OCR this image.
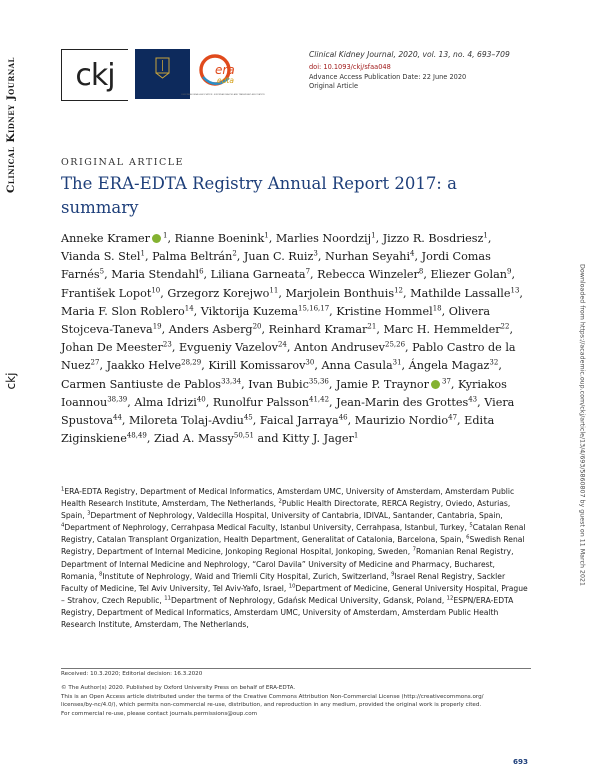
Clinical Kidney Journal
ckj	Downloaded from https://academic.oup.com/ckj/article/13/4/693/5860807 by guest on 11 March 2021
ckj	OXFORD
era
edta
EUROPEAN RENAL ASSOCIATION · EUROPEAN DIALYSIS AND TRANSPLANT ASSOCIATION
Clinical Kidney Journal, 2020, vol. 13, no. 4, 693–709
doi: 10.1093/ckj/sfaa048
Advance Access Publication Date: 22 June 2020
Original Article
ORIGINAL ARTICLE
The ERA-EDTA Registry Annual Report 2017: a
summary
Anneke Kramer $^1$, Rianne Boenink$^1$, Marlies Noordzij$^1$, Jizzo R. Bosdriesz$^1$, Vianda S. Stel$^1$, Palma Beltrán$^2$, Juan C. Ruiz$^3$, Nurhan Seyahi$^4$, Jordi Comas Farnés$^5$, Maria Stendahl$^6$, Liliana Garneata$^7$, Rebecca Winzeler$^8$, Eliezer Golan$^9$, František Lopot$^{10}$, Grzegorz Korejwo$^{11}$, Marjolein Bonthuis$^{12}$, Mathilde Lassalle$^{13}$, Maria F. Slon Roblero$^{14}$, Viktorija Kuzema$^{15,16,17}$, Kristine Hommel$^{18}$, Olivera Stojceva-Taneva$^{19}$, Anders Asberg$^{20}$, Reinhard Kramar$^{21}$, Marc H. Hemmelder$^{22}$, Johan De Meester$^{23}$, Evgueniy Vazelov$^{24}$, Anton Andrusev$^{25,26}$, Pablo Castro de la Nuez$^{27}$, Jaakko Helve$^{28,29}$, Kirill Komissarov$^{30}$, Anna Casula$^{31}$, Ángela Magaz$^{32}$, Carmen Santiuste de Pablos$^{33,34}$, Ivan Bubic$^{35,36}$, Jamie P. Traynor $^{37}$, Kyriakos Ioannou$^{38,39}$, Alma Idrizi$^{40}$, Runolfur Palsson$^{41,42}$, Jean-Marin des Grottes$^{43}$, Viera Spustova$^{44}$, Miloreta Tolaj-Avdiu$^{45}$, Faical Jarraya$^{46}$, Maurizio Nordio$^{47}$, Edita Ziginskiene$^{48,49}$, Ziad A. Massy$^{50,51}$ and Kitty J. Jager$^1$
$^1$ERA-EDTA Registry, Department of Medical Informatics, Amsterdam UMC, University of Amsterdam, Amsterdam Public Health Research Institute, Amsterdam, The Netherlands, $^2$Public Health Directorate, RERCA Registry, Oviedo, Asturias, Spain, $^3$Department of Nephrology, Valdecilla Hospital, University of Cantabria, IDIVAL, Santander, Cantabria, Spain, $^4$Department of Nephrology, Cerrahpasa Medical Faculty, Istanbul University, Cerrahpasa, Istanbul, Turkey, $^5$Catalan Renal Registry, Catalan Transplant Organization, Health Department, Generalitat of Catalonia, Barcelona, Spain, $^6$Swedish Renal Registry, Department of Internal Medicine, Jonkoping Regional Hospital, Jonkoping, Sweden, $^7$Romanian Renal Registry, Department of Internal Medicine and Nephrology, “Carol Davila” University of Medicine and Pharmacy, Bucharest, Romania, $^8$Institute of Nephrology, Waid and Triemli City Hospital, Zurich, Switzerland, $^9$Israel Renal Registry, Sackler Faculty of Medicine, Tel Aviv University, Tel Aviv-Yafo, Israel, $^{10}$Department of Medicine, General University Hospital, Prague – Strahov, Czech Republic, $^{11}$Department of Nephrology, Gdańsk Medical University, Gdansk, Poland, $^{12}$ESPN/ERA-EDTA Registry, Department of Medical Informatics, Amsterdam UMC, University of Amsterdam, Amsterdam Public Health Research Institute, Amsterdam, The Netherlands,
Received: 10.3.2020; Editorial decision: 16.3.2020
© The Author(s) 2020. Published by Oxford University Press on behalf of ERA-EDTA.
This is an Open Access article distributed under the terms of the Creative Commons Attribution Non-Commercial License (http://creativecommons.org/
licenses/by-nc/4.0/), which permits non-commercial re-use, distribution, and reproduction in any medium, provided the original work is properly cited.
For commercial re-use, please contact journals.permissions@oup.com
693
